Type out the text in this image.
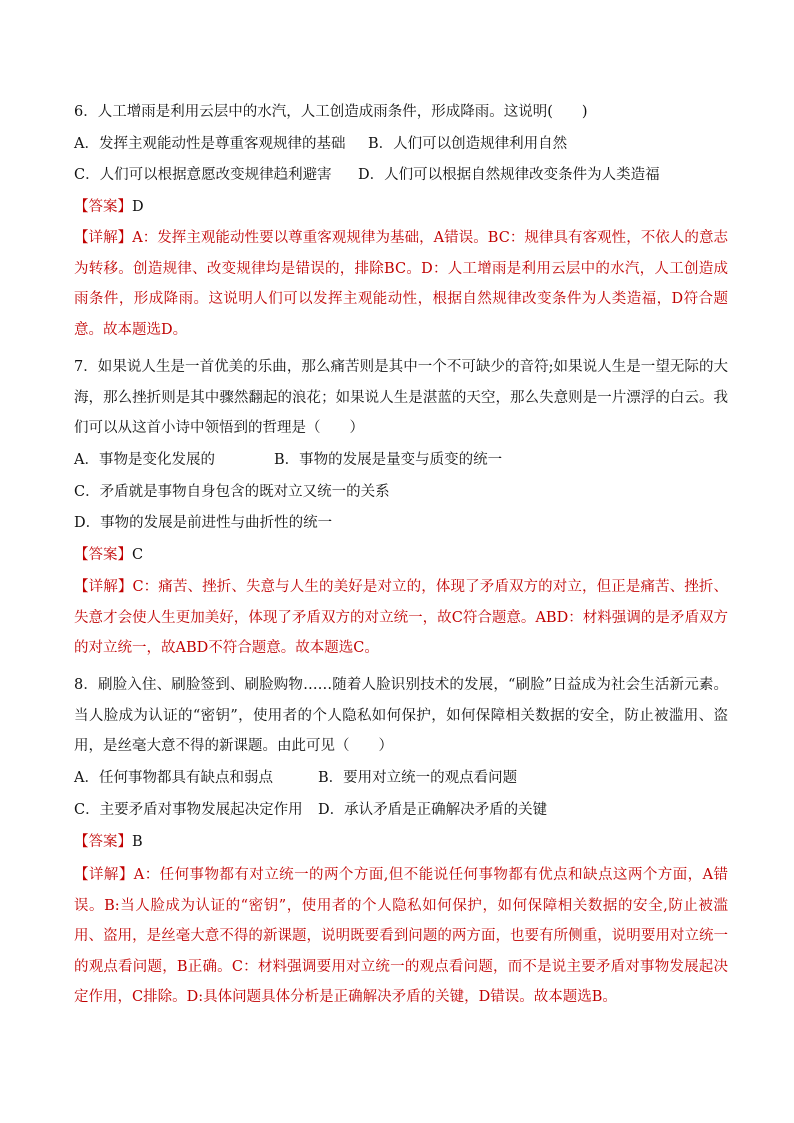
6．人工增雨是利用云层中的水汽，人工创造成雨条件，形成降雨。这说明(　　)
A．发挥主观能动性是尊重客观规律的基础 B．人们可以创造规律利用自然
C．人们可以根据意愿改变规律趋利避害 D．人们可以根据自然规律改变条件为人类造福
【答案】D
【详解】A：发挥主观能动性要以尊重客观规律为基础，A错误。BC：规律具有客观性，不依人的意志为转移。创造规律、改变规律均是错误的，排除BC。D：人工增雨是利用云层中的水汽，人工创造成雨条件，形成降雨。这说明人们可以发挥主观能动性，根据自然规律改变条件为人类造福，D符合题意。故本题选D。
7．如果说人生是一首优美的乐曲，那么痛苦则是其中一个不可缺少的音符;如果说人生是一望无际的大海，那么挫折则是其中骤然翻起的浪花；如果说人生是湛蓝的天空，那么失意则是一片漂浮的白云。我们可以从这首小诗中领悟到的哲理是（　　）
A．事物是变化发展的	B．事物的发展是量变与质变的统一
C．矛盾就是事物自身包含的既对立又统一的关系
D．事物的发展是前进性与曲折性的统一
【答案】C
【详解】C：痛苦、挫折、失意与人生的美好是对立的，体现了矛盾双方的对立，但正是痛苦、挫折、失意才会使人生更加美好，体现了矛盾双方的对立统一，故C符合题意。ABD：材料强调的是矛盾双方的对立统一，故ABD不符合题意。故本题选C。
8．刷脸入住、刷脸签到、刷脸购物……随着人脸识别技术的发展，“刷脸”日益成为社会生活新元素。当人脸成为认证的“密钥”，使用者的个人隐私如何保护，如何保障相关数据的安全，防止被滥用、盗用，是丝毫大意不得的新课题。由此可见（　　）
A．任何事物都具有缺点和弱点	B．要用对立统一的观点看问题
C．主要矛盾对事物发展起决定作用 D．承认矛盾是正确解决矛盾的关键
【答案】B
【详解】A：任何事物都有对立统一的两个方面,但不能说任何事物都有优点和缺点这两个方面，A错误。B:当人脸成为认证的“密钥”，使用者的个人隐私如何保护，如何保障相关数据的安全,防止被滥用、盗用，是丝毫大意不得的新课题，说明既要看到问题的两方面，也要有所侧重，说明要用对立统一的观点看问题，B正确。C：材料强调要用对立统一的观点看问题，而不是说主要矛盾对事物发展起决定作用，C排除。D:具体问题具体分析是正确解决矛盾的关键，D错误。故本题选B。
